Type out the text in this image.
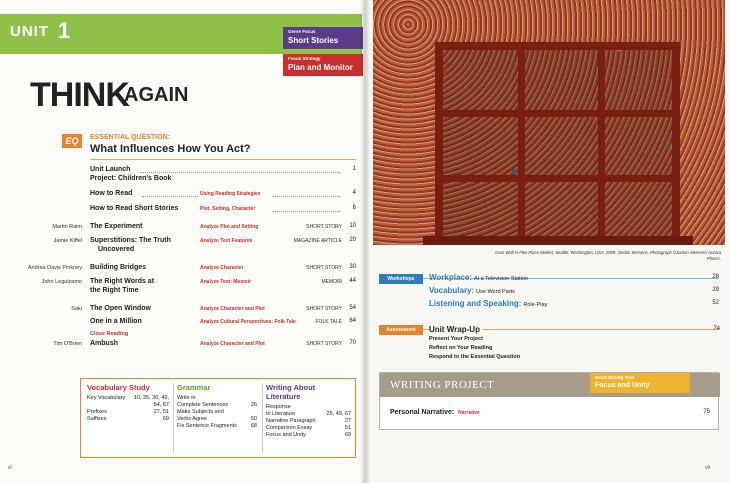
UNIT 1	Genre Focus
Short Stories
Focus Strategy
Plan and Monitor
THINK
AGAIN
EQ	ESSENTIAL QUESTION:
What Influences How You Act?
Unit Launch	1
Project: Children's Book
How to Read	Using Reading Strategies	4
How to Read Short Stories	Plot, Setting, Character	6
Martin Raim The Experiment	Analyze Plot and Setting	SHORT STORY 10
Jamie Kiffel Superstitions: The Truth	Analyze Text Features	MAGAZINE ARTICLE 20
Uncovered
Andrea Davis Pinkney Building Bridges	Analyze Character	SHORT STORY 30
John Leguizamo The Right Words at	Analyze Text: Memoir	MEMOIR 44
the Right Time
Saki The Open Window	Analyze Character and Plot	SHORT STORY 54
One in a Million	Analyze Cultural Perspectives: Folk Tale	FOLK TALE 64
Close Reading
Tim O'Brien Ambush	Analyze Character and Plot	SHORT STORY 70
Vocabulary Study
Key Vocabulary 10, 25, 30, 49,
54, 67
Prefixes	27, 51
Suffixes	69
Grammar
Write in
Complete Sentences	26
Make Subjects and
Verbs Agree	50
Fix Sentence Fragments	68
Writing About Literature
Response
to Literature	25, 49, 67
Narrative Paragraph	27
Comparison Essay	51
Focus and Unity	69
vi
Gum Wall in Pike Place Market, Seattle, Washington, USA, 2009. Jordan Siemens. Photograph ©Jordan Siemens/ Aurora Photos.
Workshops	Workplace: At a Television Station	28
Vocabulary: Use Word Parts	29
Listening and Speaking: Role-Play	52
Assessment	Unit Wrap-Up	74
Present Your Project
Reflect on Your Reading
Respond to the Essential Question
WRITING PROJECT
Good Writing Trait
Focus and Unity
Personal Narrative: Narrative	75
vii
